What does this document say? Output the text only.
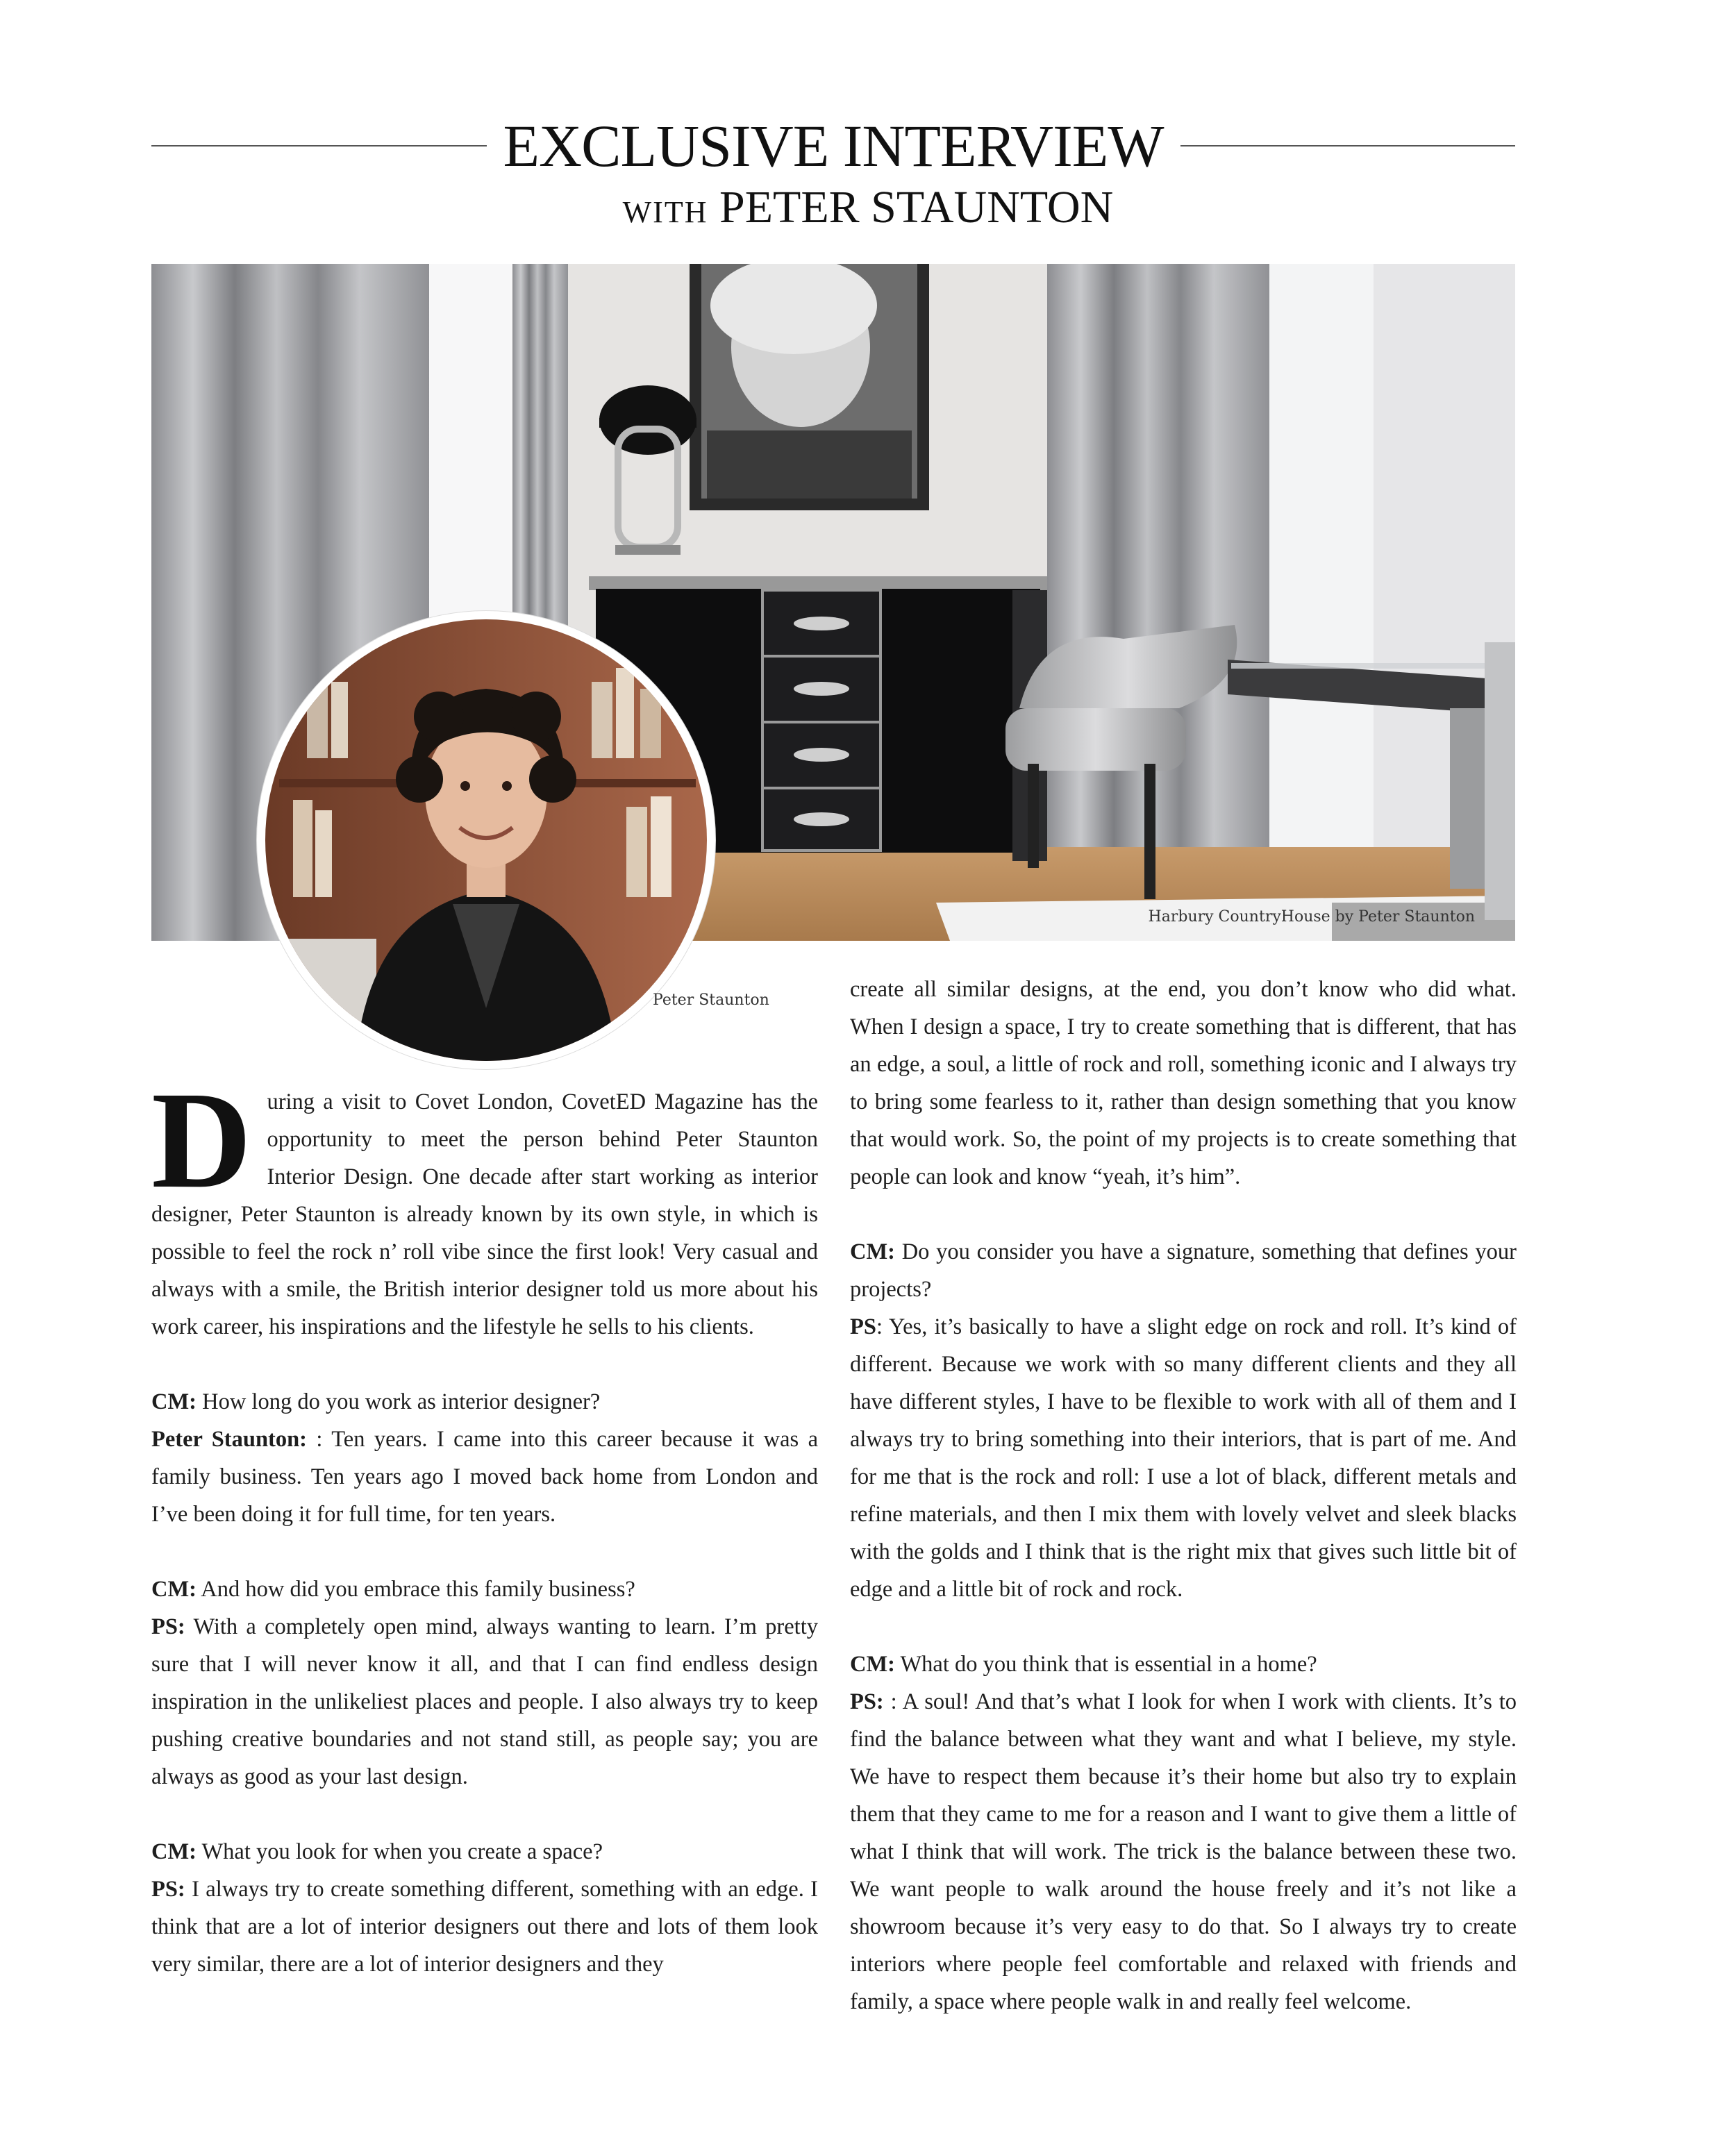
EXCLUSIVE INTERVIEW
WITH PETER STAUNTON
Harbury CountryHouse by Peter Staunton
Peter Staunton

During a visit to Covet London, CovetED Magazine has the opportunity to meet the person behind Peter Staunton Interior Design. One decade after start working as interior designer, Peter Staunton is already known by its own style, in which is possible to feel the rock n’ roll vibe since the first look! Very casual and always with a smile, the British interior designer told us more about his work career, his inspirations and the lifestyle he sells to his clients.

CM: How long do you work as interior designer?

Peter Staunton: : Ten years. I came into this career because it was a family business. Ten years ago I moved back home from London and I’ve been doing it for full time, for ten years.

CM: And how did you embrace this family business?

PS: With a completely open mind, always wanting to learn. I’m pretty sure that I will never know it all, and that I can find endless design inspiration in the unlikeliest places and people. I also always try to keep pushing creative boundaries and not stand still, as people say; you are always as good as your last design.

CM: What you look for when you create a space?

PS: I always try to create something different, something with an edge. I think that are a lot of interior designers out there and lots of them look very similar, there are a lot of interior designers and they

create all similar designs, at the end, you don’t know who did what. When I design a space, I try to create something that is different, that has an edge, a soul, a little of rock and roll, something iconic and I always try to bring some fearless to it, rather than design something that you know that would work. So, the point of my projects is to create something that people can look and know “yeah, it’s him”.

CM: Do you consider you have a signature, something that defines your projects?

PS: Yes, it’s basically to have a slight edge on rock and roll. It’s kind of different. Because we work with so many different clients and they all have different styles, I have to be flexible to work with all of them and I always try to bring something into their interiors, that is part of me. And for me that is the rock and roll: I use a lot of black, different metals and refine materials, and then I mix them with lovely velvet and sleek blacks with the golds and I think that is the right mix that gives such little bit of edge and a little bit of rock and rock.

CM: What do you think that is essential in a home?

PS: : A soul! And that’s what I look for when I work with clients. It’s to find the balance between what they want and what I believe, my style. We have to respect them because it’s their home but also try to explain them that they came to me for a reason and I want to give them a little of what I think that will work. The trick is the balance between these two. We want people to walk around the house freely and it’s not like a showroom because it’s very easy to do that. So I always try to create interiors where people feel comfortable and relaxed with friends and family, a space where people walk in and really feel welcome.
